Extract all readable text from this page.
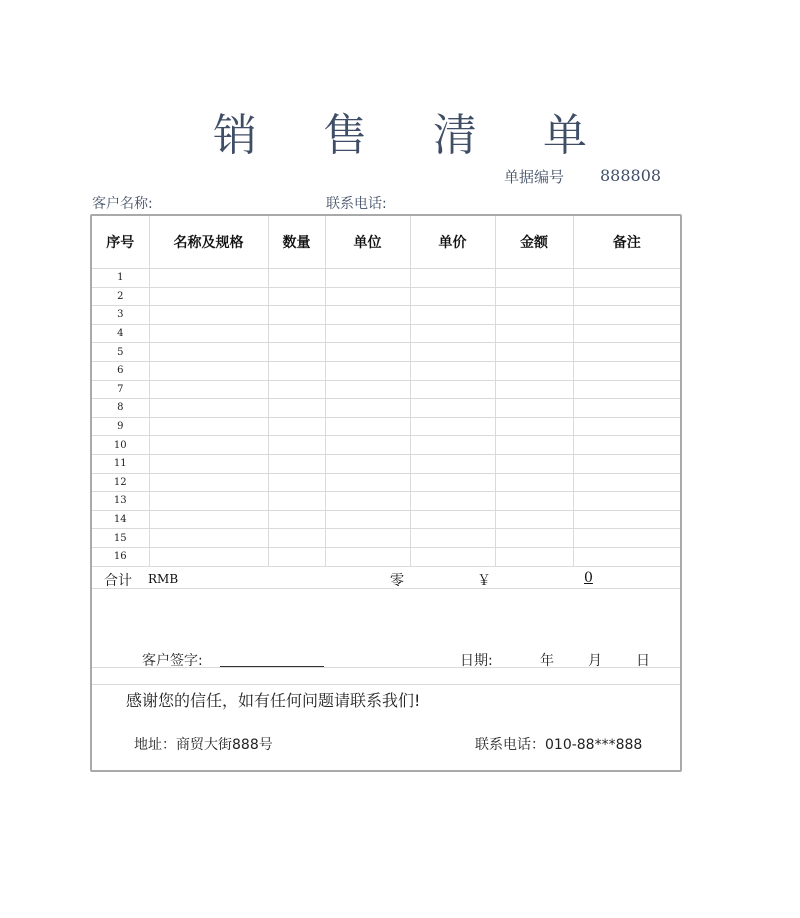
销 售 清 单
单据编号 888808
客户名称:	联系电话:
序号	名称及规格	数量	单位	单价	金额	备注
1						
2						
3						
4						
5						
6						
7						
8						
9						
10						
11						
12						
13						
14						
15						
16						
合计 RMB	零	￥	0
客户签字:	日期:	年 月 日
感谢您的信任，如有任何问题请联系我们!
地址：商贸大街888号	联系电话：010-88***888
